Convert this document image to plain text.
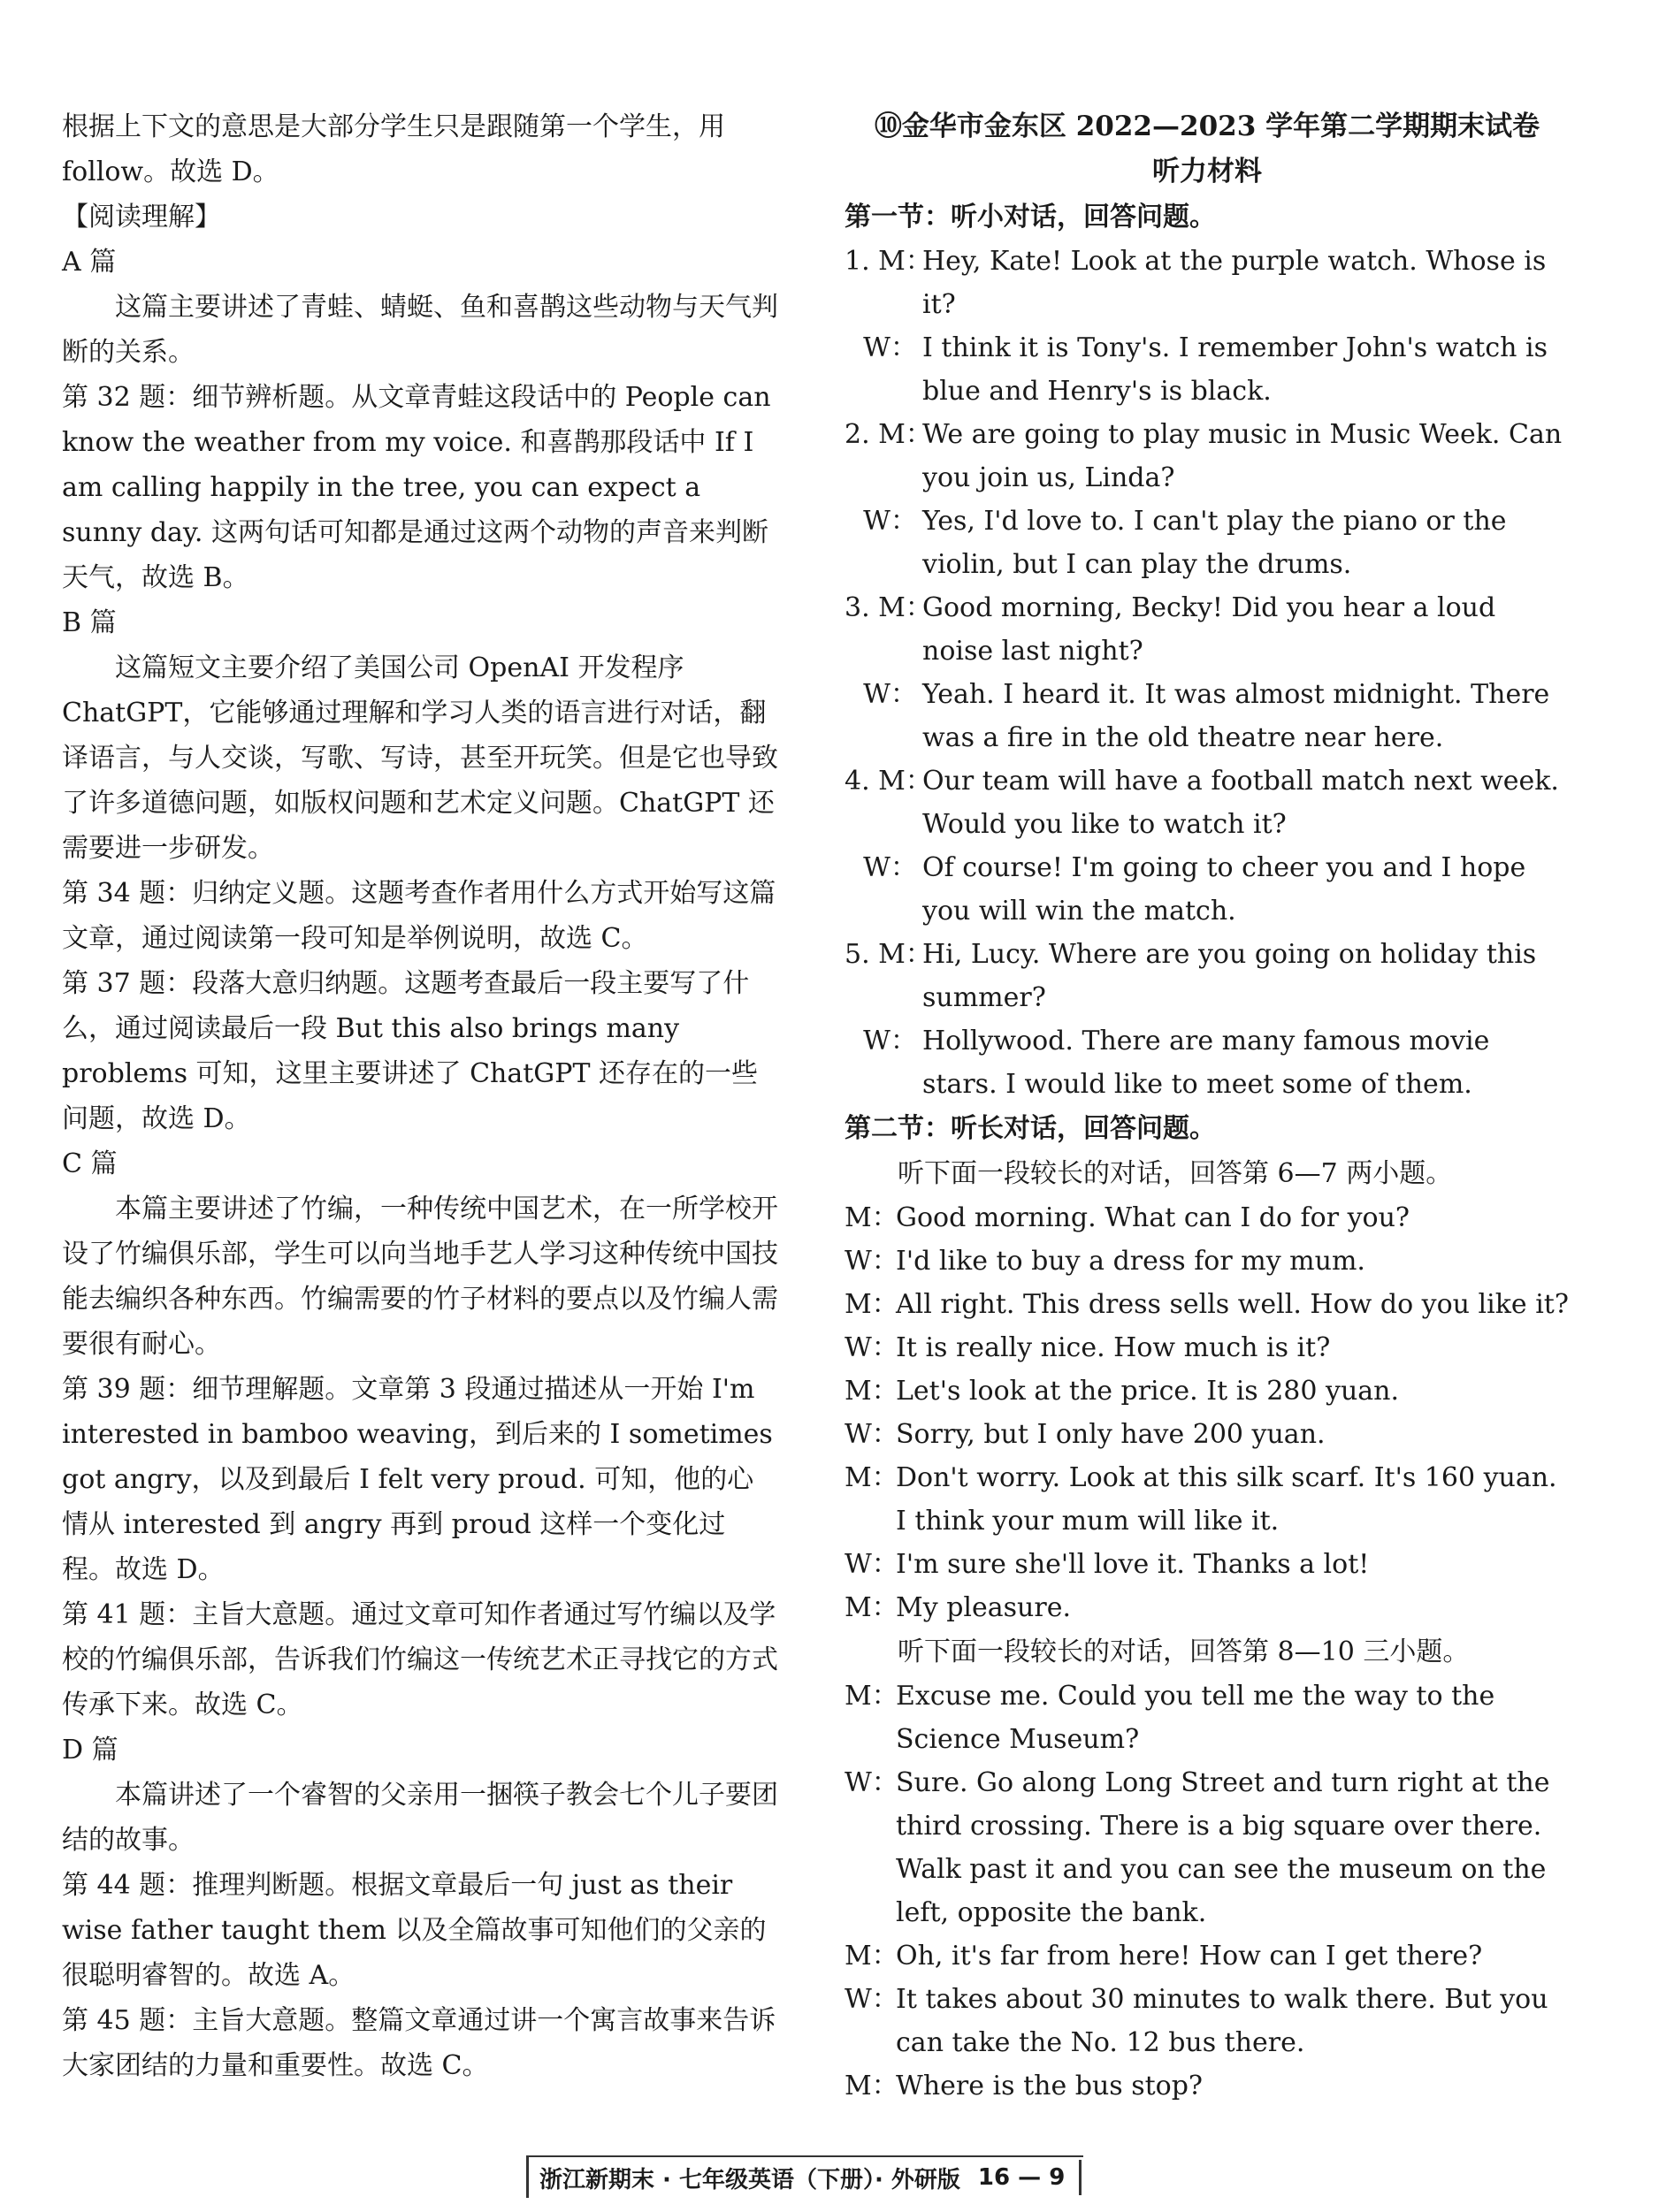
根据上下文的意思是大部分学生只是跟随第一个学生，用 follow。故选 D。

【阅读理解】

A 篇

这篇主要讲述了青蛙、蜻蜓、鱼和喜鹊这些动物与天气判断的关系。

第 32 题：细节辨析题。从文章青蛙这段话中的 People can know the weather from my voice. 和喜鹊那段话中 If I am calling happily in the tree, you can expect a sunny day. 这两句话可知都是通过这两个动物的声音来判断天气，故选 B。

B 篇

这篇短文主要介绍了美国公司 OpenAI 开发程序 ChatGPT，它能够通过理解和学习人类的语言进行对话，翻译语言，与人交谈，写歌、写诗，甚至开玩笑。但是它也导致了许多道德问题，如版权问题和艺术定义问题。ChatGPT 还需要进一步研发。

第 34 题：归纳定义题。这题考查作者用什么方式开始写这篇文章，通过阅读第一段可知是举例说明，故选 C。

第 37 题：段落大意归纳题。这题考查最后一段主要写了什么，通过阅读最后一段 But this also brings many problems 可知，这里主要讲述了 ChatGPT 还存在的一些问题，故选 D。

C 篇

本篇主要讲述了竹编，一种传统中国艺术，在一所学校开设了竹编俱乐部，学生可以向当地手艺人学习这种传统中国技能去编织各种东西。竹编需要的竹子材料的要点以及竹编人需要很有耐心。

第 39 题：细节理解题。文章第 3 段通过描述从一开始 I'm interested in bamboo weaving，到后来的 I sometimes got angry，以及到最后 I felt very proud. 可知，他的心情从 interested 到 angry 再到 proud 这样一个变化过程。故选 D。

第 41 题：主旨大意题。通过文章可知作者通过写竹编以及学校的竹编俱乐部，告诉我们竹编这一传统艺术正寻找它的方式传承下来。故选 C。

D 篇

本篇讲述了一个睿智的父亲用一捆筷子教会七个儿子要团结的故事。

第 44 题：推理判断题。根据文章最后一句 just as their wise father taught them 以及全篇故事可知他们的父亲的很聪明睿智的。故选 A。

第 45 题：主旨大意题。整篇文章通过讲一个寓言故事来告诉大家团结的力量和重要性。故选 C。

⑩金华市金东区 2022—2023 学年第二学期期末试卷

听力材料

第一节：听小对话，回答问题。

1. M：
Hey, Kate! Look at the purple watch. Whose is it?
W： I think it is Tony's. I remember John's watch is blue and Henry's is black.
2. M：
We are going to play music in Music Week. Can you join us, Linda?
W： Yes, I'd love to. I can't play the piano or the violin, but I can play the drums.
3. M：
Good morning, Becky! Did you hear a loud noise last night?
W： Yeah. I heard it. It was almost midnight. There was a fire in the old theatre near here.
4. M：
Our team will have a football match next week. Would you like to watch it?
W： Of course! I'm going to cheer you and I hope you will win the match.
5. M：
Hi, Lucy. Where are you going on holiday this summer?
W： Hollywood. There are many famous movie stars. I would like to meet some of them.

第二节：听长对话，回答问题。

听下面一段较长的对话，回答第 6—7 两小题。

M：
Good morning. What can I do for you?
W：
I'd like to buy a dress for my mum.
M：
All right. This dress sells well. How do you like it?
W：
It is really nice. How much is it?
M：
Let's look at the price. It is 280 yuan.
W：
Sorry, but I only have 200 yuan.
M：
Don't worry. Look at this silk scarf. It's 160 yuan. I think your mum will like it.
W：
I'm sure she'll love it. Thanks a lot!
M：
My pleasure.

听下面一段较长的对话，回答第 8—10 三小题。

M：
Excuse me. Could you tell me the way to the Science Museum?
W：
Sure. Go along Long Street and turn right at the third crossing. There is a big square over there. Walk past it and you can see the museum on the left, opposite the bank.
M：
Oh, it's far from here! How can I get there?
W：
It takes about 30 minutes to walk there. But you can take the No. 12 bus there.
M：
Where is the bus stop?
浙江新期末 · 七年级英语（下册）· 外研版 16 — 9
